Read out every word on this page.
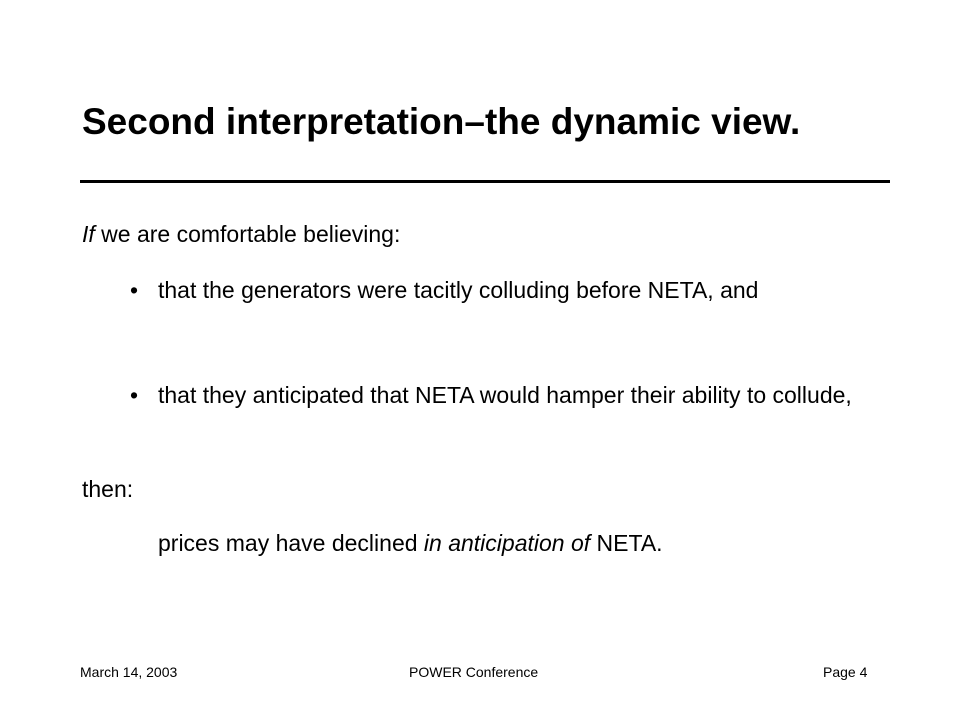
Second interpretation–the dynamic view.
If we are comfortable believing:
• that the generators were tacitly colluding before NETA, and
• that they anticipated that NETA would hamper their ability to collude,
then:
prices may have declined in anticipation of NETA.
March 14, 2003	POWER Conference	Page 4
